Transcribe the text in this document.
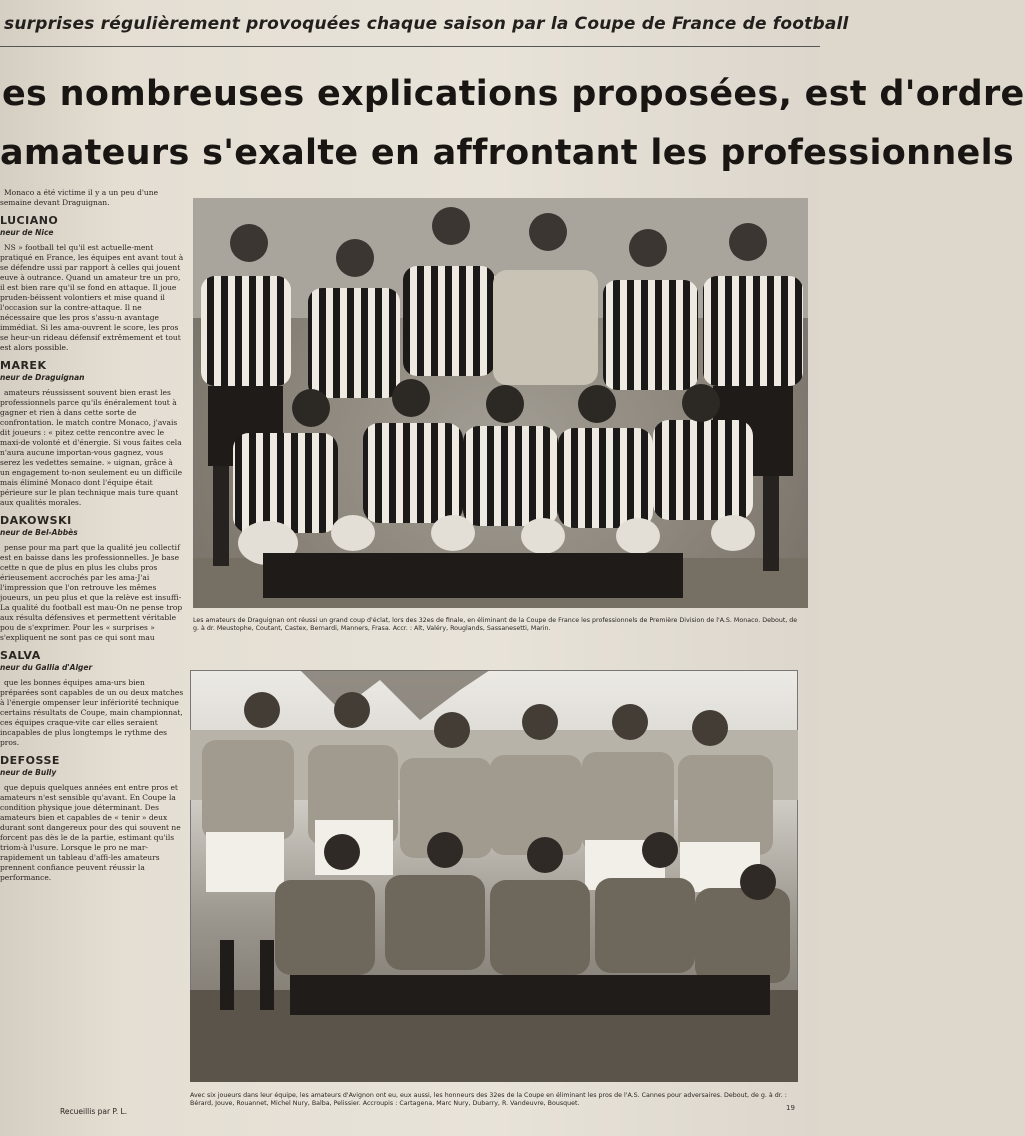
surprises régulièrement provoquées chaque saison par la Coupe de France de football
es nombreuses explications proposées, est d'ordre
amateurs s'exalte en affrontant les professionnels

Monaco a été victime il y a un peu d'une semaine devant Draguignan.

LUCIANO
neur de Nice

NS » football tel qu'il est actuelle-ment pratiqué en France, les équipes ent avant tout à se défendre ussi par rapport à celles qui jouent euve à outrance. Quand un amateur tre un pro, il est bien rare qu'il se fond en attaque. Il joue pruden-béissent volontiers et mise quand il l'occasion sur la contre-attaque. Il ne nécessaire que les pros s'assu-n avantage immédiat. Si les ama-ouvrent le score, les pros se heur-un rideau défensif extrêmement et tout est alors possible.

MAREK
neur de Draguignan

amateurs réussissent souvent bien erast les professionnels parce qu'ils énéralement tout à gagner et rien à dans cette sorte de confrontation. le match contre Monaco, j'avais dit joueurs : « pitez cette rencontre avec le maxi-de volonté et d'énergie. Si vous faites cela n'aura aucune importan-vous gagnez, vous serez les vedettes semaine. » uignan, grâce à un engagement to-non seulement eu un difficile mais éliminé Monaco dont l'équipe était périeure sur le plan technique mais ture quant aux qualités morales.

DAKOWSKI
neur de Bel-Abbès

pense pour ma part que la qualité jeu collectif est en baisse dans les professionnelles. Je base cette n que de plus en plus les clubs pros érieusement accrochés par les ama-J'ai l'impression que l'on retrouve les mêmes joueurs, un peu plus et que la relève est insuffi-La qualité du football est mau-On ne pense trop aux résulta défensives et permettent véritable pou de s'exprimer. Pour les « surprises » s'expliquent ne sont pas ce qui sont mau

SALVA
neur du Gallia d'Alger

que les bonnes équipes ama-urs bien préparées sont capables de un ou deux matches à l'énergie ompenser leur infériorité technique certains résultats de Coupe, main championnat, ces équipes craque-vite car elles seraient incapables de plus longtemps le rythme des pros.

DEFOSSE
neur de Bully

que depuis quelques années ent entre pros et amateurs n'est sensible qu'avant. En Coupe la condition physique joue déterminant. Des amateurs bien et capables de « tenir » deux durant sont dangereux pour des qui souvent ne forcent pas dès le de la partie, estimant qu'ils triom-à l'usure. Lorsque le pro ne mar-rapidement un tableau d'affi-les amateurs prennent confiance peuvent réussir la performance.

Recueillis par P. L.
Les amateurs de Draguignan ont réussi un grand coup d'éclat, lors des 32es de finale, en éliminant de la Coupe de France les professionnels de Première Division de l'A.S. Monaco. Debout, de g. à dr. Meustophe, Coutant, Castex, Bernardi, Manners, Frasa. Accr. : Alt, Valéry, Rouglands, Sassanesetti, Marin.
Avec six joueurs dans leur équipe, les amateurs d'Avignon ont eu, eux aussi, les honneurs des 32es de la Coupe en éliminant les pros de l'A.S. Cannes pour adversaires. Debout, de g. à dr. : Bérard, Jouve, Rouannet, Michel Nury, Balba, Pelissier. Accroupis : Cartagena, Marc Nury, Dubarry, R. Vandeuvre, Bousquet.
19
